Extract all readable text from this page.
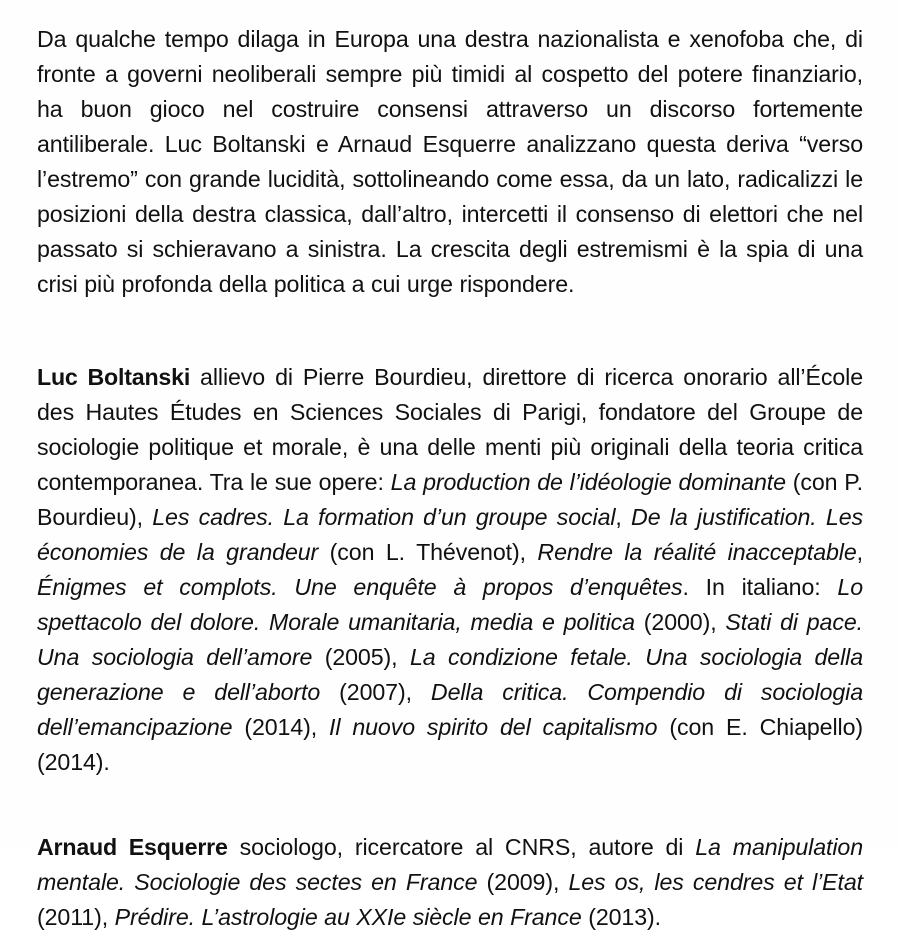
Da qualche tempo dilaga in Europa una destra nazionalista e xenofoba che, di fronte a governi neoliberali sempre più timidi al cospetto del potere finanziario, ha buon gioco nel costruire consensi attraverso un discorso fortemente antiliberale. Luc Boltanski e Arnaud Esquerre analizzano questa deriva “verso l’estremo” con grande lucidità, sottolineando come essa, da un lato, radicalizzi le posizioni della destra classica, dall’altro, intercetti il consenso di elettori che nel passato si schieravano a sinistra. La crescita degli estremismi è la spia di una crisi più profonda della politica a cui urge rispondere.

Luc Boltanski allievo di Pierre Bourdieu, direttore di ricerca onorario all’École des Hautes Études en Sciences Sociales di Parigi, fondatore del Groupe de sociologie politique et morale, è una delle menti più originali della teoria critica contemporanea. Tra le sue opere: La production de l’idéologie dominante (con P. Bourdieu), Les cadres. La formation d’un groupe social, De la justification. Les économies de la grandeur (con L. Thévenot), Rendre la réalité inacceptable, Énigmes et complots. Une enquête à propos d’enquêtes. In italiano: Lo spettacolo del dolore. Morale umanitaria, media e politica (2000), Stati di pace. Una sociologia dell’amore (2005), La condizione fetale. Una sociologia della generazione e dell’aborto (2007), Della critica. Compendio di sociologia dell’emancipazione (2014), Il nuovo spirito del capitalismo (con E. Chiapello) (2014).

Arnaud Esquerre sociologo, ricercatore al CNRS, autore di La manipulation mentale. Sociologie des sectes en France (2009), Les os, les cendres et l’Etat (2011), Prédire. L’astrologie au XXIe siècle en France (2013).
